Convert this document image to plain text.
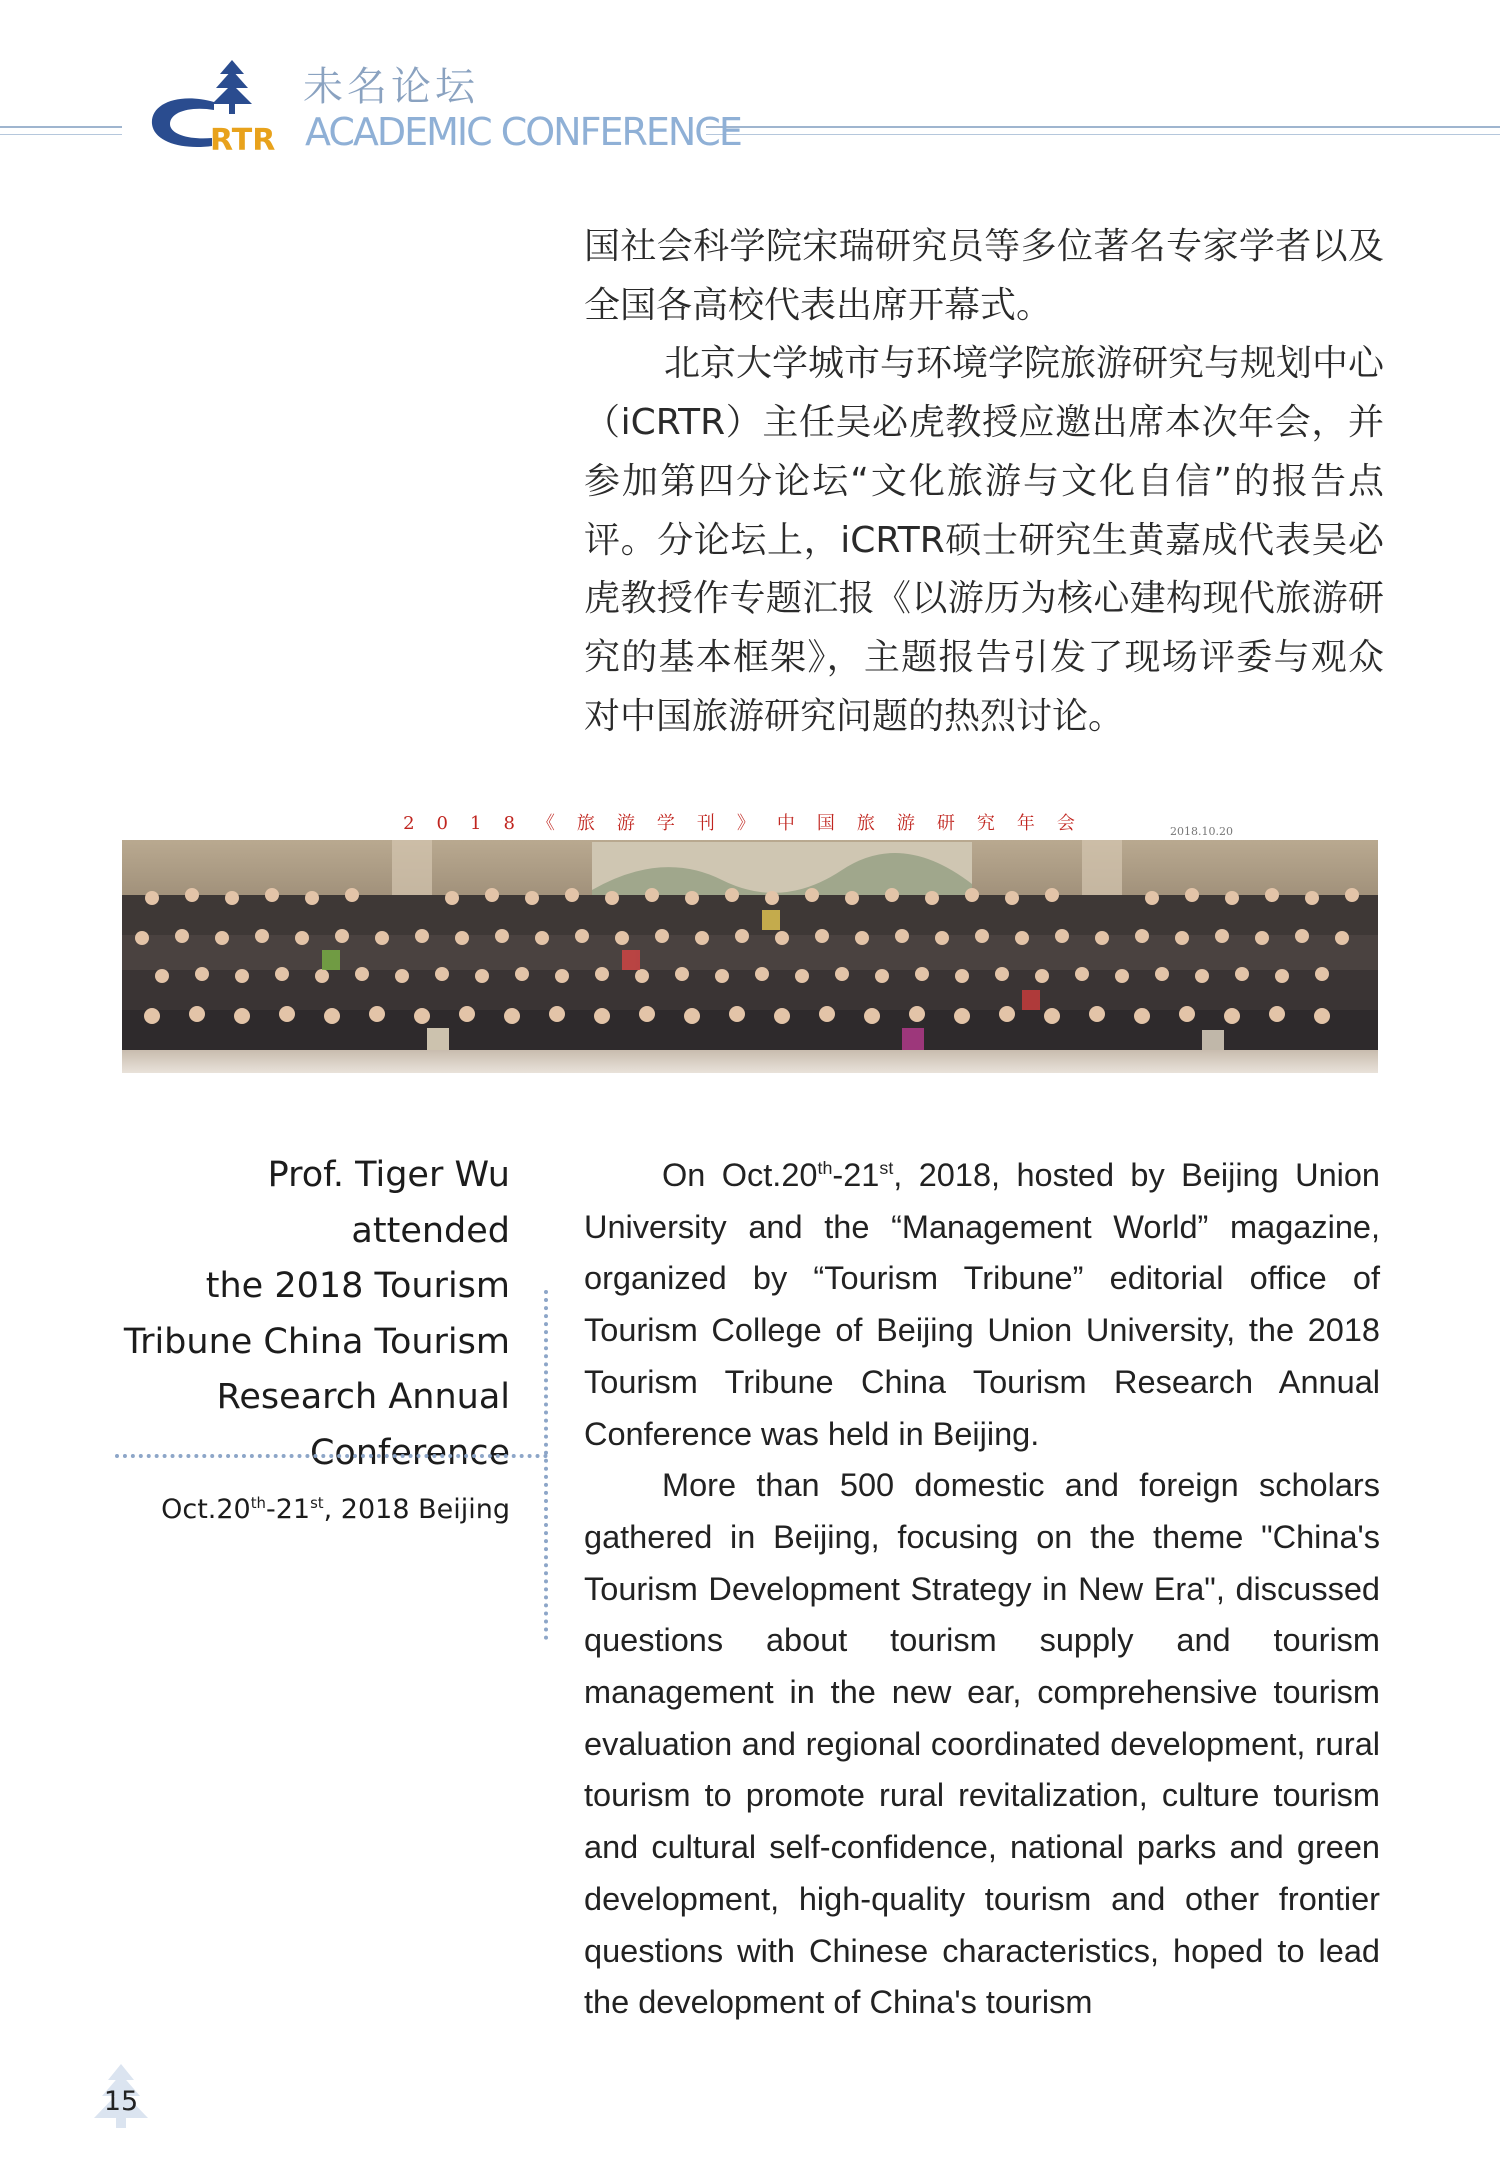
RTR
未名论坛
ACADEMIC CONFERENCE

国社会科学院宋瑞研究员等多位著名专家学者以及全国各高校代表出席开幕式。

北京大学城市与环境学院旅游研究与规划中心（iCRTR）主任吴必虎教授应邀出席本次年会，并参加第四分论坛“文化旅游与文化自信”的报告点评。分论坛上，iCRTR硕士研究生黄嘉成代表吴必虎教授作专题汇报《以游历为核心建构现代旅游研究的基本框架》，主题报告引发了现场评委与观众对中国旅游研究问题的热烈讨论。

2018《旅游学刊》中国旅游研究年会	2018.10.20
Prof. Tiger Wu attended
the 2018 Tourism
Tribune China Tourism
Research Annual
Conference
Oct.20th-21st, 2018 Beijing

On Oct.20th-21st, 2018, hosted by Beijing Union University and the “Management World” magazine, organized by “Tourism Tribune” editorial office of Tourism College of Beijing Union University, the 2018 Tourism Tribune China Tourism Research Annual Conference was held in Beijing.

More than 500 domestic and foreign scholars gathered in Beijing, focusing on the theme "China's Tourism Development Strategy in New Era", discussed questions about tourism supply and tourism management in the new ear, comprehensive tourism evaluation and regional coordinated development, rural tourism to promote rural revitalization, culture tourism and cultural self-confidence, national parks and green development, high-quality tourism and other frontier questions with Chinese characteristics, hoped to lead the development of China's tourism

15
